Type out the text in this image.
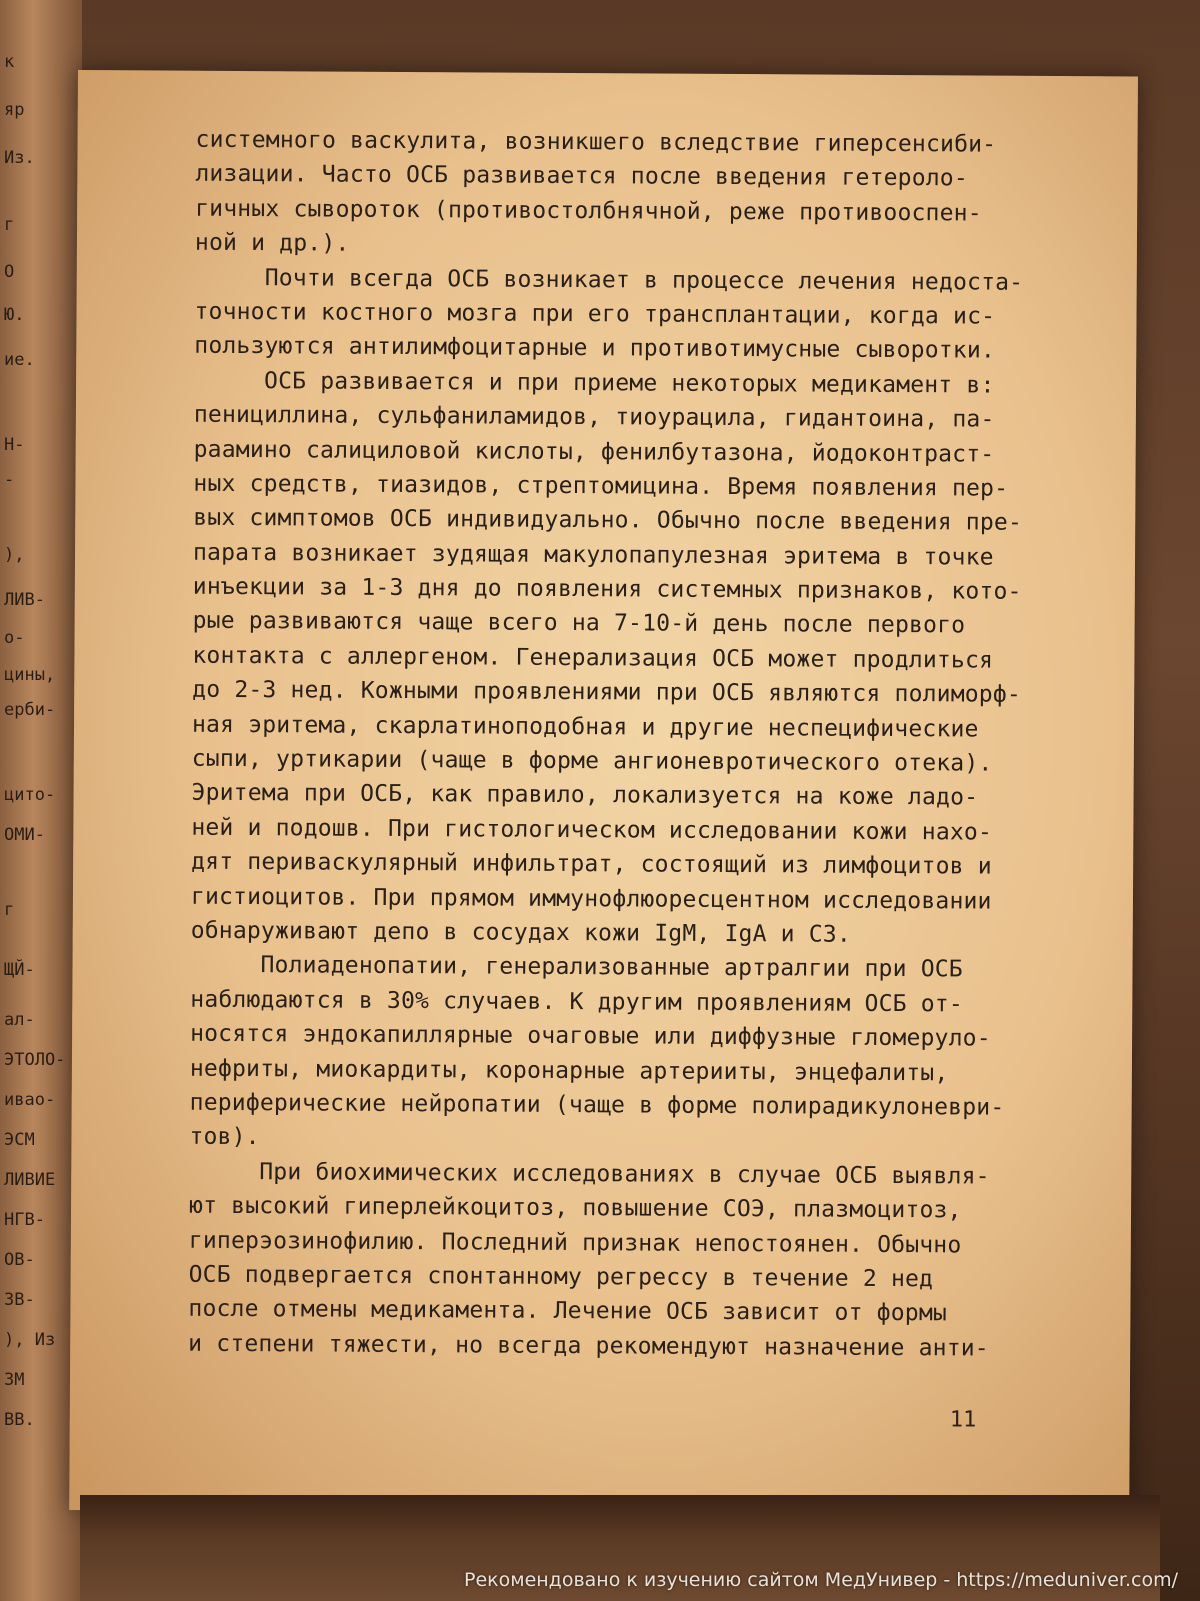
к
яр
Из.
г
О
Ю.
ие.
Н-
-
),
ЛИВ-
о-
цины,
ерби-
цито-
ОМИ-
г
ЩЙ-
ал-
ЭТОЛО-
ивао-
ЭСМ
ЛИВИЕ
НГВ-
ОВ-
ЗВ-
), Из
ЗМ
ВВ.
системного васкулита, возникшего вследствие гиперсенсиби-
лизации. Часто ОСБ развивается после введения гетероло-
гичных сывороток (противостолбнячной, реже противооспен-
ной и др.).
Почти всегда ОСБ возникает в процессе лечения недоста-
точности костного мозга при его трансплантации, когда ис-
пользуются антилимфоцитарные и противотимусные сыворотки.
ОСБ развивается и при приеме некоторых медикамент в:
пенициллина, сульфаниламидов, тиоурацила, гидантоина, па-
раамино салициловой кислоты, фенилбутазона, йодоконтраст-
ных средств, тиазидов, стрептомицина. Время появления пер-
вых симптомов ОСБ индивидуально. Обычно после введения пре-
парата возникает зудящая макулопапулезная эритема в точке
инъекции за 1-3 дня до появления системных признаков, кото-
рые развиваются чаще всего на 7-10-й день после первого
контакта с аллергеном. Генерализация ОСБ может продлиться
до 2-3 нед. Кожными проявлениями при ОСБ являются полиморф-
ная эритема, скарлатиноподобная и другие неспецифические
сыпи, уртикарии (чаще в форме ангионевротического отека).
Эритема при ОСБ, как правило, локализуется на коже ладо-
ней и подошв. При гистологическом исследовании кожи нахо-
дят периваскулярный инфильтрат, состоящий из лимфоцитов и
гистиоцитов. При прямом иммунофлюоресцентном исследовании
обнаруживают депо в сосудах кожи IgM, IgA и C3.
Полиаденопатии, генерализованные артралгии при ОСБ
наблюдаются в 30% случаев. К другим проявлениям ОСБ от-
носятся эндокапиллярные очаговые или диффузные гломеруло-
нефриты, миокардиты, коронарные артерииты, энцефалиты,
периферические нейропатии (чаще в форме полирадикулоневри-
тов).
При биохимических исследованиях в случае ОСБ выявля-
ют высокий гиперлейкоцитоз, повышение СОЭ, плазмоцитоз,
гиперэозинофилию. Последний признак непостоянен. Обычно
ОСБ подвергается спонтанному регрессу в течение 2 нед
после отмены медикамента. Лечение ОСБ зависит от формы
и степени тяжести, но всегда рекомендуют назначение анти-
11
Рекомендовано к изучению сайтом МедУнивер - https://meduniver.com/
